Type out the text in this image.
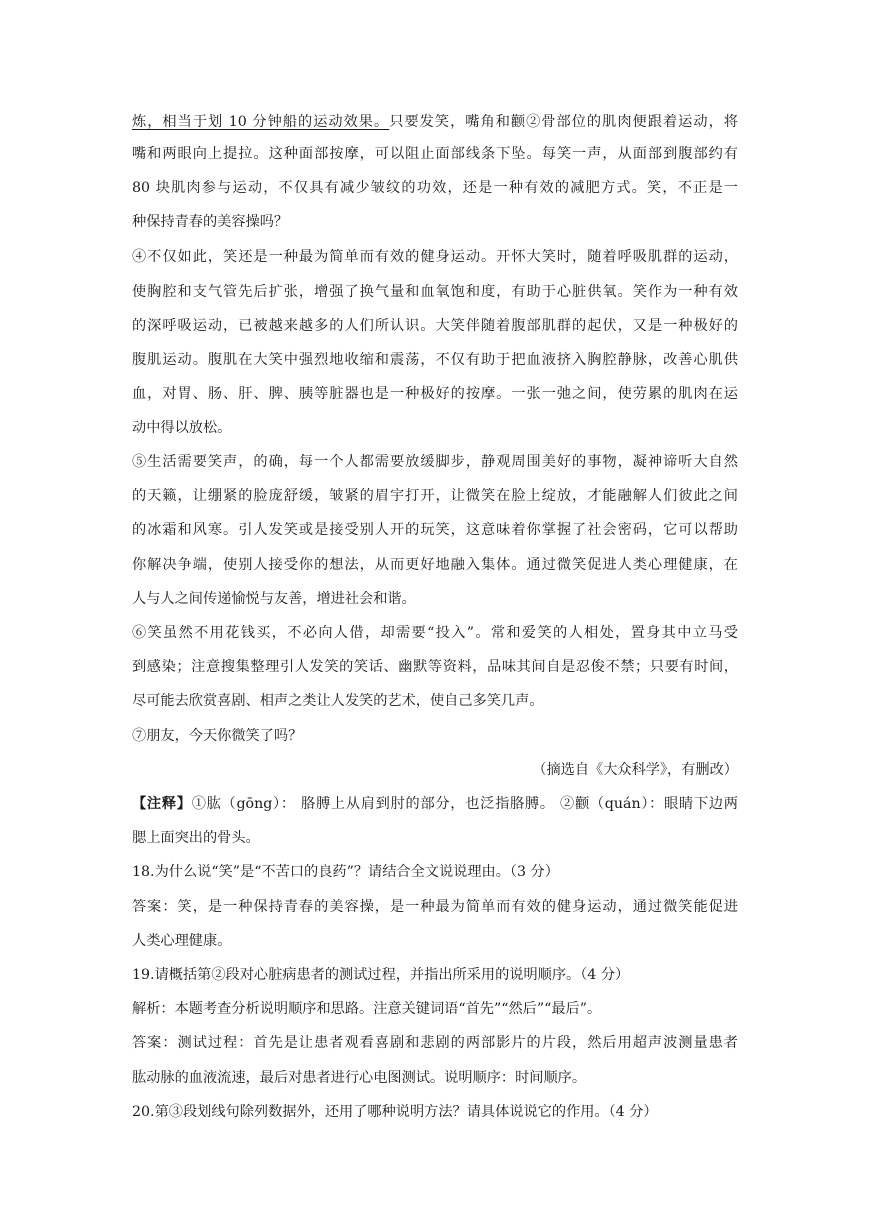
炼，相当于划 10 分钟船的运动效果。只要发笑，嘴角和颧②骨部位的肌肉便跟着运动，将
嘴和两眼向上提拉。这种面部按摩，可以阻止面部线条下坠。每笑一声，从面部到腹部约有
80 块肌肉参与运动，不仅具有减少皱纹的功效，还是一种有效的减肥方式。笑，不正是一
种保持青春的美容操吗？
④不仅如此，笑还是一种最为简单而有效的健身运动。开怀大笑时，随着呼吸肌群的运动，
使胸腔和支气管先后扩张，增强了换气量和血氧饱和度，有助于心脏供氧。笑作为一种有效
的深呼吸运动，已被越来越多的人们所认识。大笑伴随着腹部肌群的起伏，又是一种极好的
腹肌运动。腹肌在大笑中强烈地收缩和震荡，不仅有助于把血液挤入胸腔静脉，改善心肌供
血，对胃、肠、肝、脾、胰等脏器也是一种极好的按摩。一张一弛之间，使劳累的肌肉在运
动中得以放松。
⑤生活需要笑声，的确，每一个人都需要放缓脚步，静观周围美好的事物，凝神谛听大自然
的天籁，让绷紧的脸庞舒缓，皱紧的眉宇打开，让微笑在脸上绽放，才能融解人们彼此之间
的冰霜和风寒。引人发笑或是接受别人开的玩笑，这意味着你掌握了社会密码，它可以帮助
你解决争端，使别人接受你的想法，从而更好地融入集体。通过微笑促进人类心理健康，在
人与人之间传递愉悦与友善，增进社会和谐。
⑥笑虽然不用花钱买，不必向人借，却需要“投入”。常和爱笑的人相处，置身其中立马受
到感染；注意搜集整理引人发笑的笑话、幽默等资料，品味其间自是忍俊不禁；只要有时间，
尽可能去欣赏喜剧、相声之类让人发笑的艺术，使自己多笑几声。
⑦朋友，今天你微笑了吗？
（摘选自《大众科学》，有删改）
【注释】①肱（gōng）： 胳膊上从肩到肘的部分，也泛指胳膊。 ②颧（quán）：眼睛下边两
腮上面突出的骨头。
18.为什么说“笑”是“不苦口的良药”？请结合全文说说理由。（3 分）
答案：笑，是一种保持青春的美容操，是一种最为简单而有效的健身运动，通过微笑能促进
人类心理健康。
19.请概括第②段对心脏病患者的测试过程，并指出所采用的说明顺序。（4 分）
解析：本题考查分析说明顺序和思路。注意关键词语“首先”“然后”“最后”。
答案：测试过程：首先是让患者观看喜剧和悲剧的两部影片的片段，然后用超声波测量患者
肱动脉的血液流速，最后对患者进行心电图测试。说明顺序：时间顺序。
20.第③段划线句除列数据外，还用了哪种说明方法？请具体说说它的作用。（4 分）
